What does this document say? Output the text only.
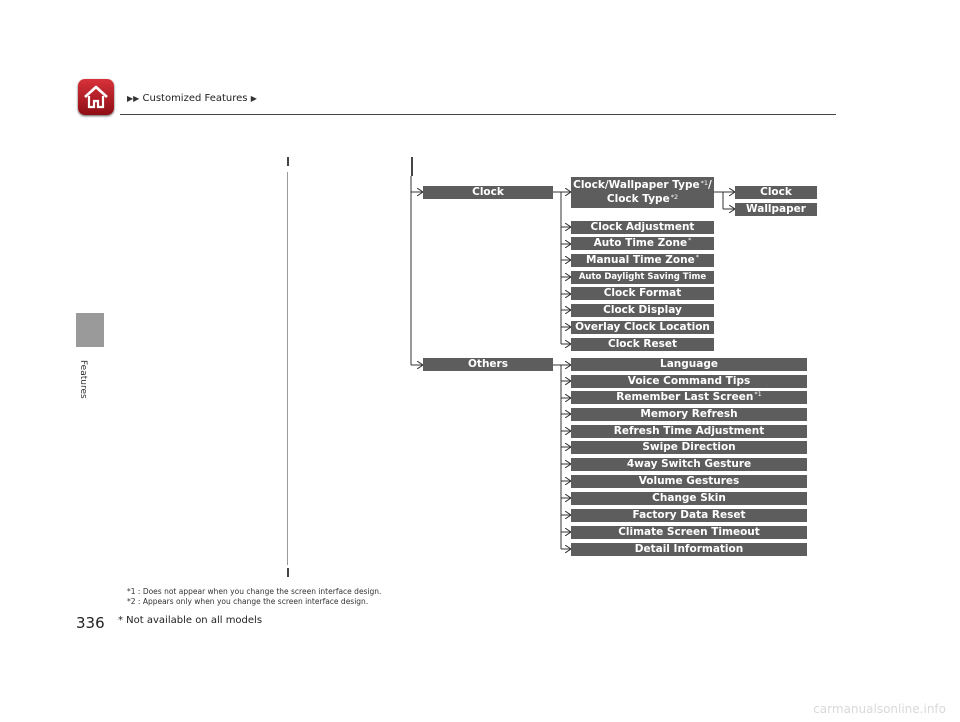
▶▶ Customized Features ▶
Features
Clock
Others
Clock/Wallpaper Type$^{*1}$/
Clock Type$^{*2}$
Clock Adjustment
Auto Time Zone*
Manual Time Zone*
Auto Daylight Saving Time
Clock Format
Clock Display
Overlay Clock Location
Clock Reset
Clock
Wallpaper
Language
Voice Command Tips
Remember Last Screen$^{*1}$
Memory Refresh
Refresh Time Adjustment
Swipe Direction
4way Switch Gesture
Volume Gestures
Change Skin
Factory Data Reset
Climate Screen Timeout
Detail Information
*1 : Does not appear when you change the screen interface design.
*2 : Appears only when you change the screen interface design.
336 * Not available on all models
carmanualsonline.info
